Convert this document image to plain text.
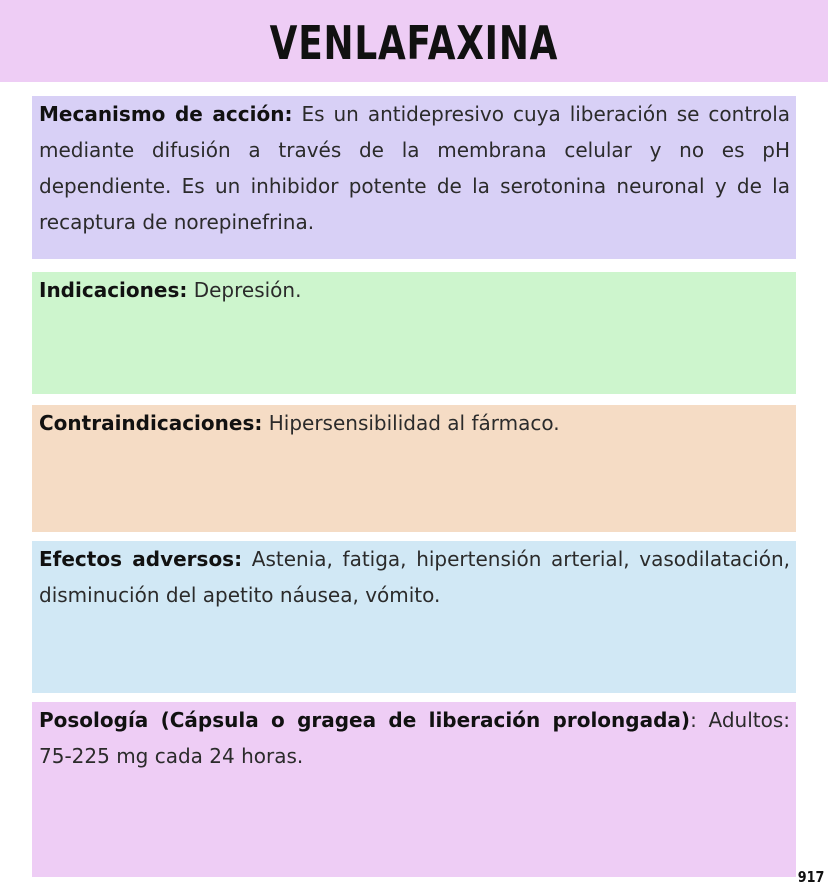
VENLAFAXINA
Mecanismo de acción: Es un antidepresivo cuya liberación se controla mediante difusión a través de la membrana celular y no es pH dependiente. Es un inhibidor potente de la serotonina neuronal y de la recaptura de norepinefrina.
Indicaciones: Depresión.
Contraindicaciones: Hipersensibilidad al fármaco.
Efectos adversos: Astenia, fatiga, hipertensión arterial, vasodilatación, disminución del apetito náusea, vómito.
Posología (Cápsula o gragea de liberación prolongada): Adultos: 75-225 mg cada 24 horas.
917
